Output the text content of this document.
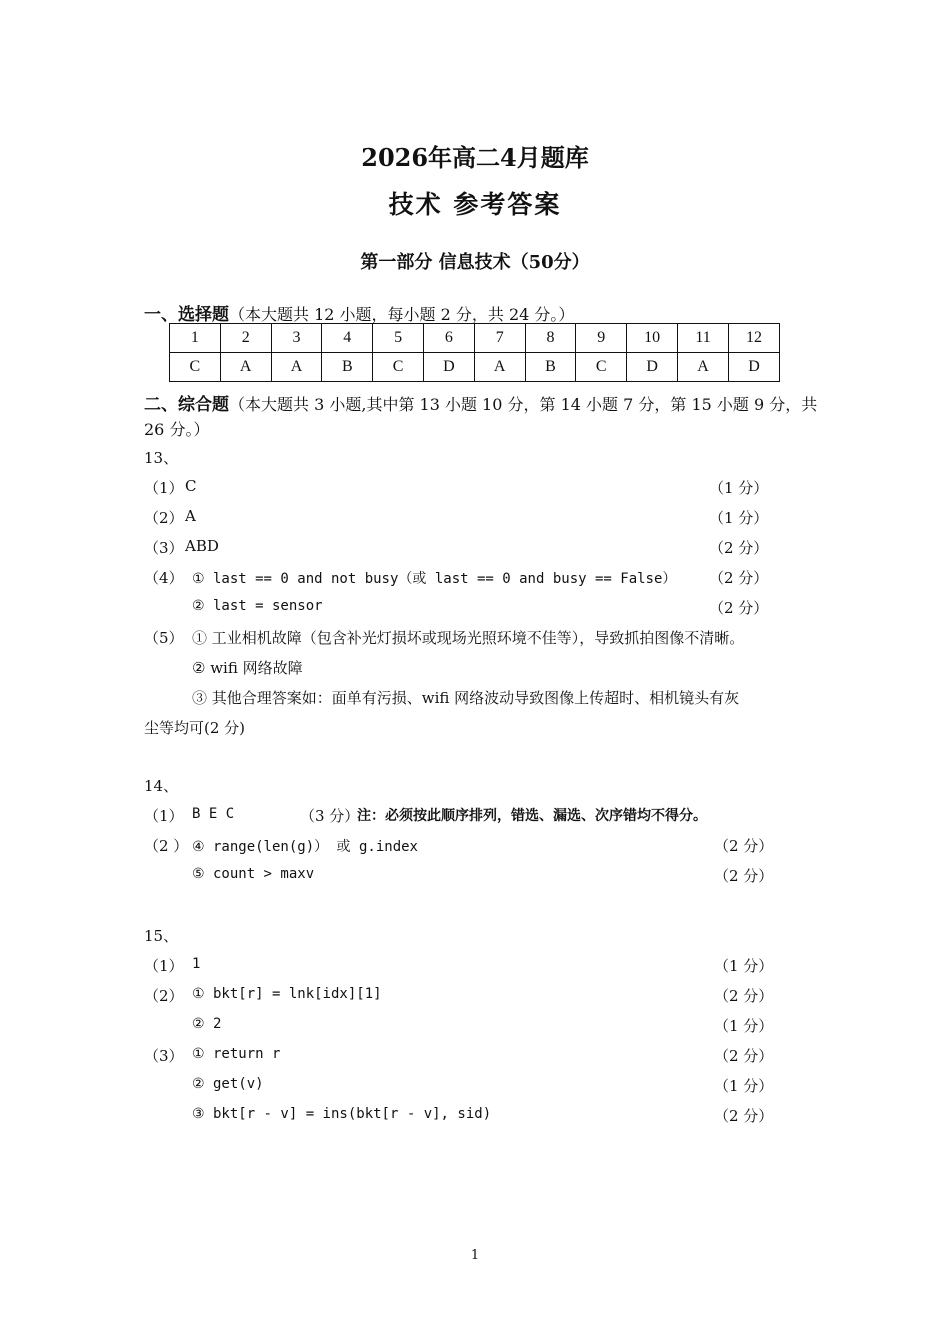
2026年高二4月题库
技术 参考答案
第一部分 信息技术（50分）
一、选择题（本大题共 12 小题，每小题 2 分，共 24 分。）
1	2	3	4	5	6	7	8	9	10	11	12
C	A	A	B	C	D	A	B	C	D	A	D
二、综合题（本大题共 3 小题,其中第 13 小题 10 分，第 14 小题 7 分，第 15 小题 9 分，共
26 分。）
13、
（1） C	（1 分）
（2） A	（1 分）
（3） ABD	（2 分）
（4） ① last == 0 and not busy（或 last == 0 and busy == False） （2 分）
② last = sensor	（2 分）
（5） ① 工业相机故障（包含补光灯损坏或现场光照环境不佳等），导致抓拍图像不清晰。
② wifi 网络故障
③ 其他合理答案如：面单有污损、wifi 网络波动导致图像上传超时、相机镜头有灰
尘等均可(2 分)
14、
（1） B E C	（3 分）
注：必须按此顺序排列，错选、漏选、次序错均不得分。
（2 ） ④ range(len(g)） 或 g.index	（2 分）
⑤ count > maxv	（2 分）
15、
（1） 1	（1 分）
（2） ① bkt[r] = lnk[idx][1]	（2 分）
② 2	（1 分）
（3） ① return r	（2 分）
② get(v)	（1 分）
③ bkt[r - v] = ins(bkt[r - v], sid)	（2 分）
1
